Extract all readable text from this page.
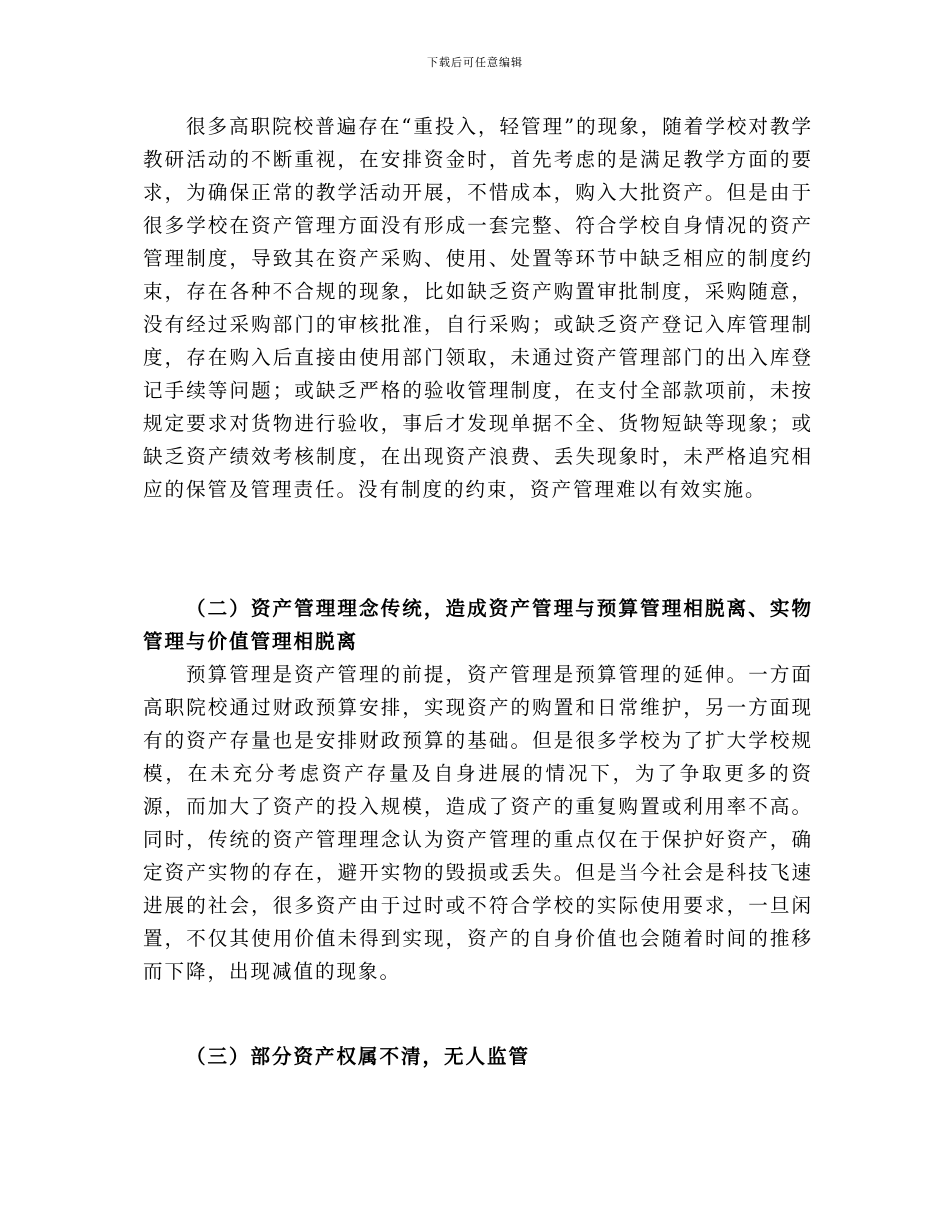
下载后可任意编辑

很多高职院校普遍存在“重投入，轻管理”的现象，随着学校对教学教研活动的不断重视，在安排资金时，首先考虑的是满足教学方面的要求，为确保正常的教学活动开展，不惜成本，购入大批资产。但是由于很多学校在资产管理方面没有形成一套完整、符合学校自身情况的资产管理制度，导致其在资产采购、使用、处置等环节中缺乏相应的制度约束，存在各种不合规的现象，比如缺乏资产购置审批制度，采购随意，没有经过采购部门的审核批准，自行采购；或缺乏资产登记入库管理制度，存在购入后直接由使用部门领取，未通过资产管理部门的出入库登记手续等问题；或缺乏严格的验收管理制度，在支付全部款项前，未按规定要求对货物进行验收，事后才发现单据不全、货物短缺等现象；或缺乏资产绩效考核制度，在出现资产浪费、丢失现象时，未严格追究相应的保管及管理责任。没有制度的约束，资产管理难以有效实施。

（二）资产管理理念传统，造成资产管理与预算管理相脱离、实物管理与价值管理相脱离

预算管理是资产管理的前提，资产管理是预算管理的延伸。一方面高职院校通过财政预算安排，实现资产的购置和日常维护，另一方面现有的资产存量也是安排财政预算的基础。但是很多学校为了扩大学校规模，在未充分考虑资产存量及自身进展的情况下，为了争取更多的资源，而加大了资产的投入规模，造成了资产的重复购置或利用率不高。同时，传统的资产管理理念认为资产管理的重点仅在于保护好资产，确定资产实物的存在，避开实物的毁损或丢失。但是当今社会是科技飞速进展的社会，很多资产由于过时或不符合学校的实际使用要求，一旦闲置，不仅其使用价值未得到实现，资产的自身价值也会随着时间的推移而下降，出现减值的现象。

（三）部分资产权属不清，无人监管
